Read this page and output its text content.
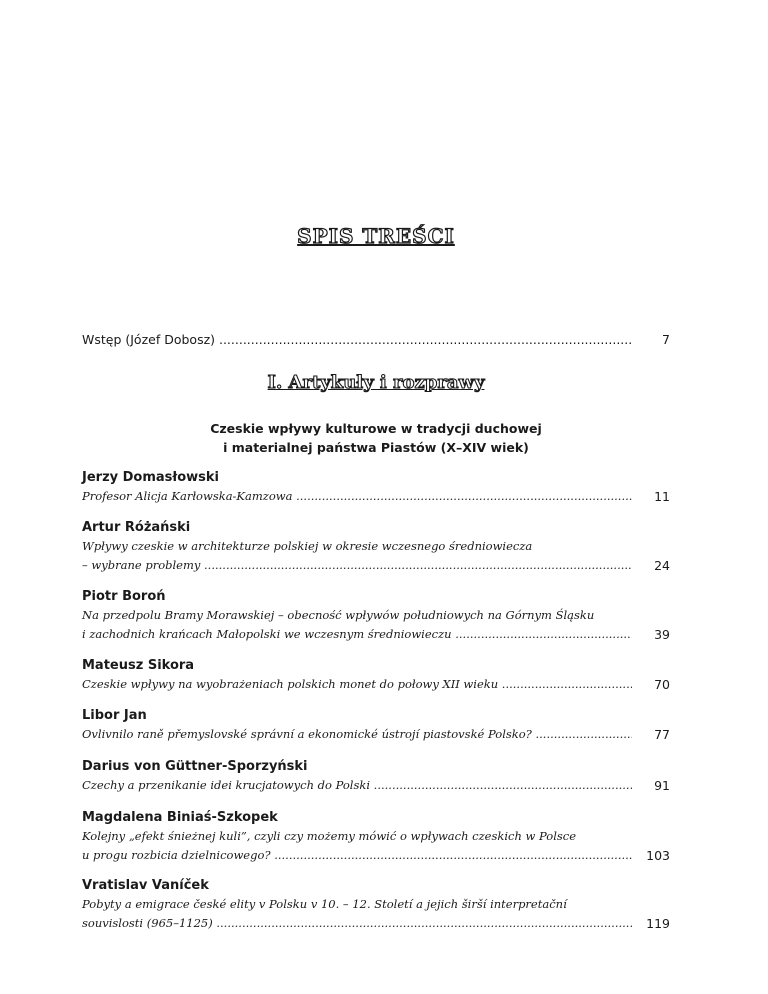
SPIS TREŚCI
Wstęp (Józef Dobosz) .....	7
I. Artykuły i rozprawy
Czeskie wpływy kulturowe w tradycji duchowej
i materialnej państwa Piastów (X–XIV wiek)
Jerzy Domasłowski
Profesor Alicja Karłowska-Kamzowa .....	11
Artur Różański
Wpływy czeskie w architekturze polskiej w okresie wczesnego średniowiecza
– wybrane problemy .....	24
Piotr Boroń
Na przedpolu Bramy Morawskiej – obecność wpływów południowych na Górnym Śląsku
i zachodnich krańcach Małopolski we wczesnym średniowieczu .....	39
Mateusz Sikora
Czeskie wpływy na wyobrażeniach polskich monet do połowy XII wieku .....	70
Libor Jan
Ovlivnilo raně přemyslovské správní a ekonomické ústrojí piastovské Polsko? .....	77
Darius von Güttner-Sporzyński
Czechy a przenikanie idei krucjatowych do Polski .....	91
Magdalena Biniaś-Szkopek
Kolejny „efekt śnieżnej kuli”, czyli czy możemy mówić o wpływach czeskich w Polsce
u progu rozbicia dzielnicowego? .....	103
Vratislav Vaníček
Pobyty a emigrace české elity v Polsku v 10. – 12. Století a jejich širší interpretační
souvislosti (965–1125) .....	119
